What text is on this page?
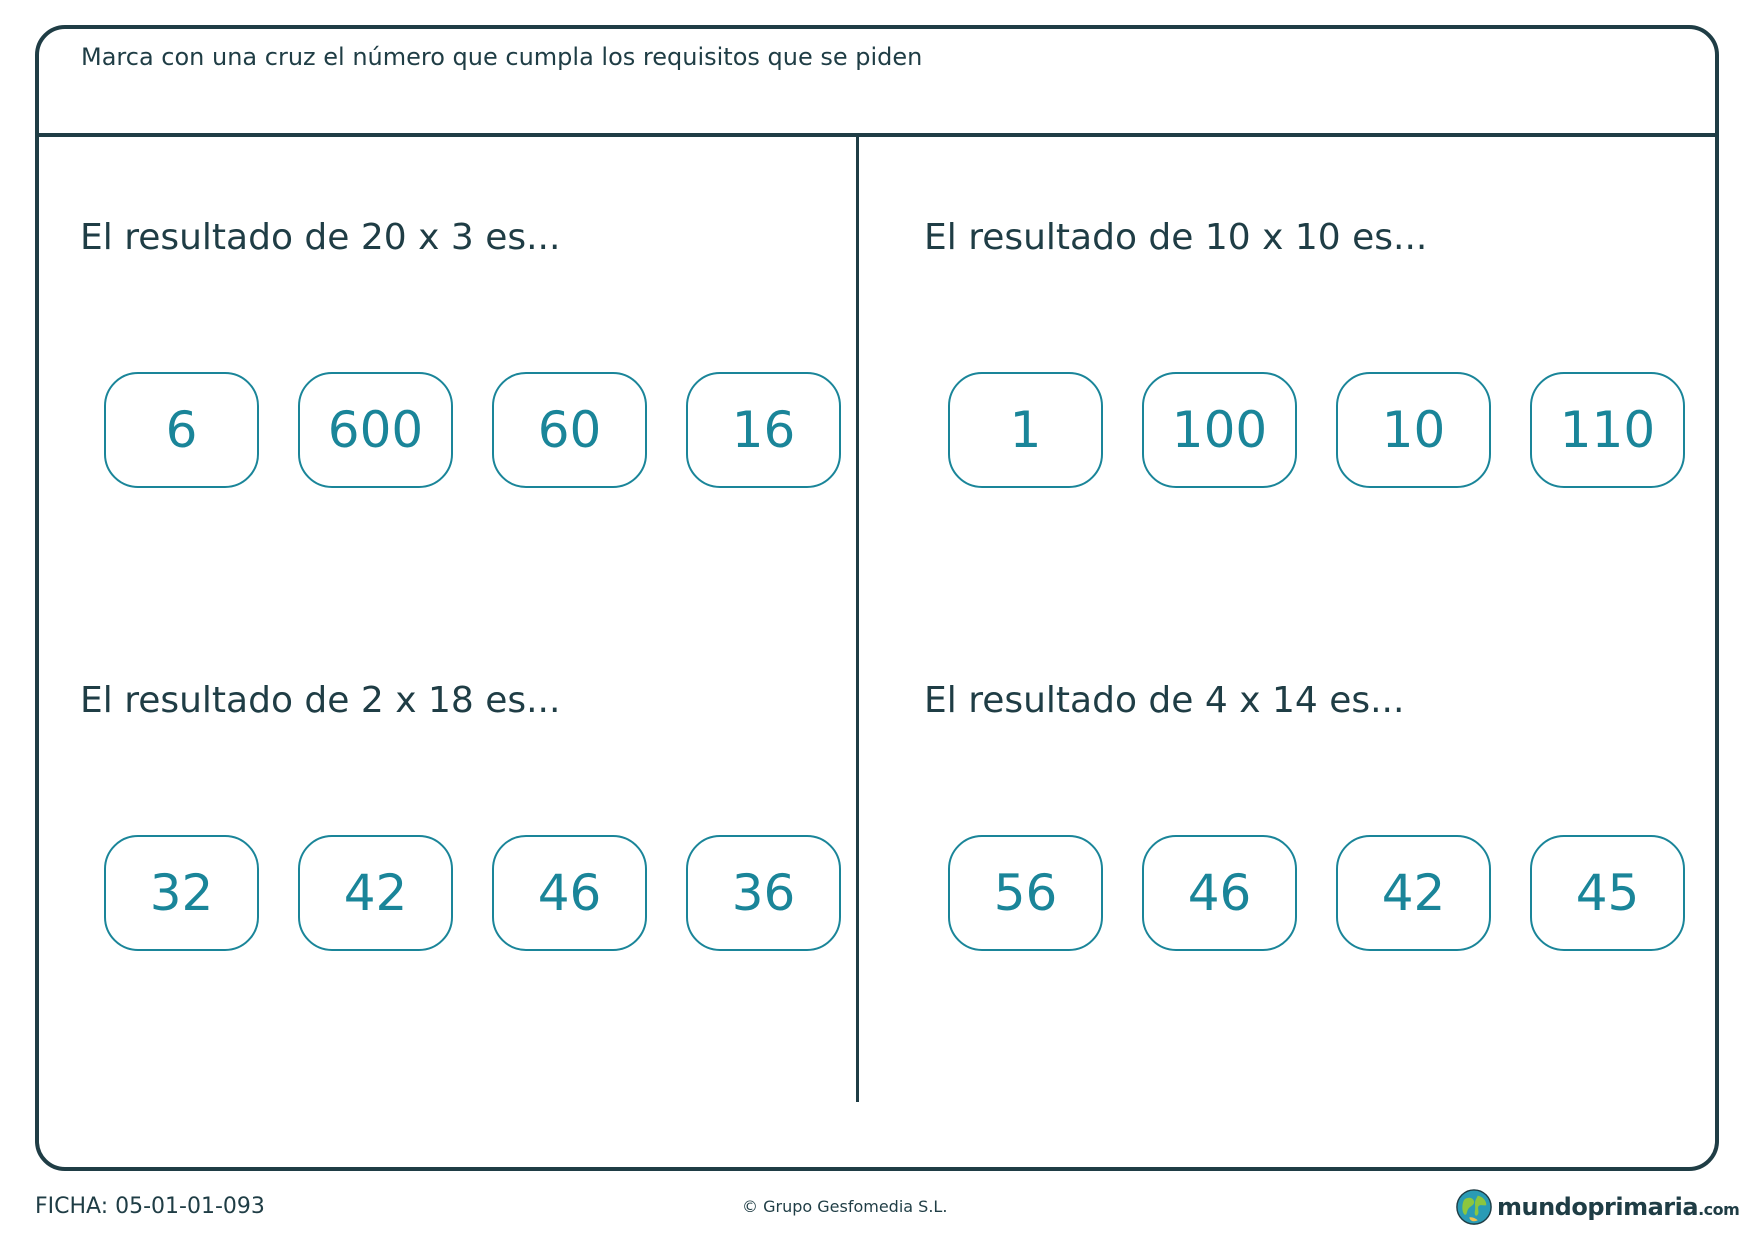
Marca con una cruz el número que cumpla los requisitos que se piden
El resultado de 20 x 3 es...
6	600	60	16
El resultado de 10 x 10 es...
1	100	10	110
El resultado de 2 x 18 es...
32	42	46	36
El resultado de 4 x 14 es...
56	46	42	45
FICHA: 05-01-01-093	© Grupo Gesfomedia S.L.	mundoprimaria.com
